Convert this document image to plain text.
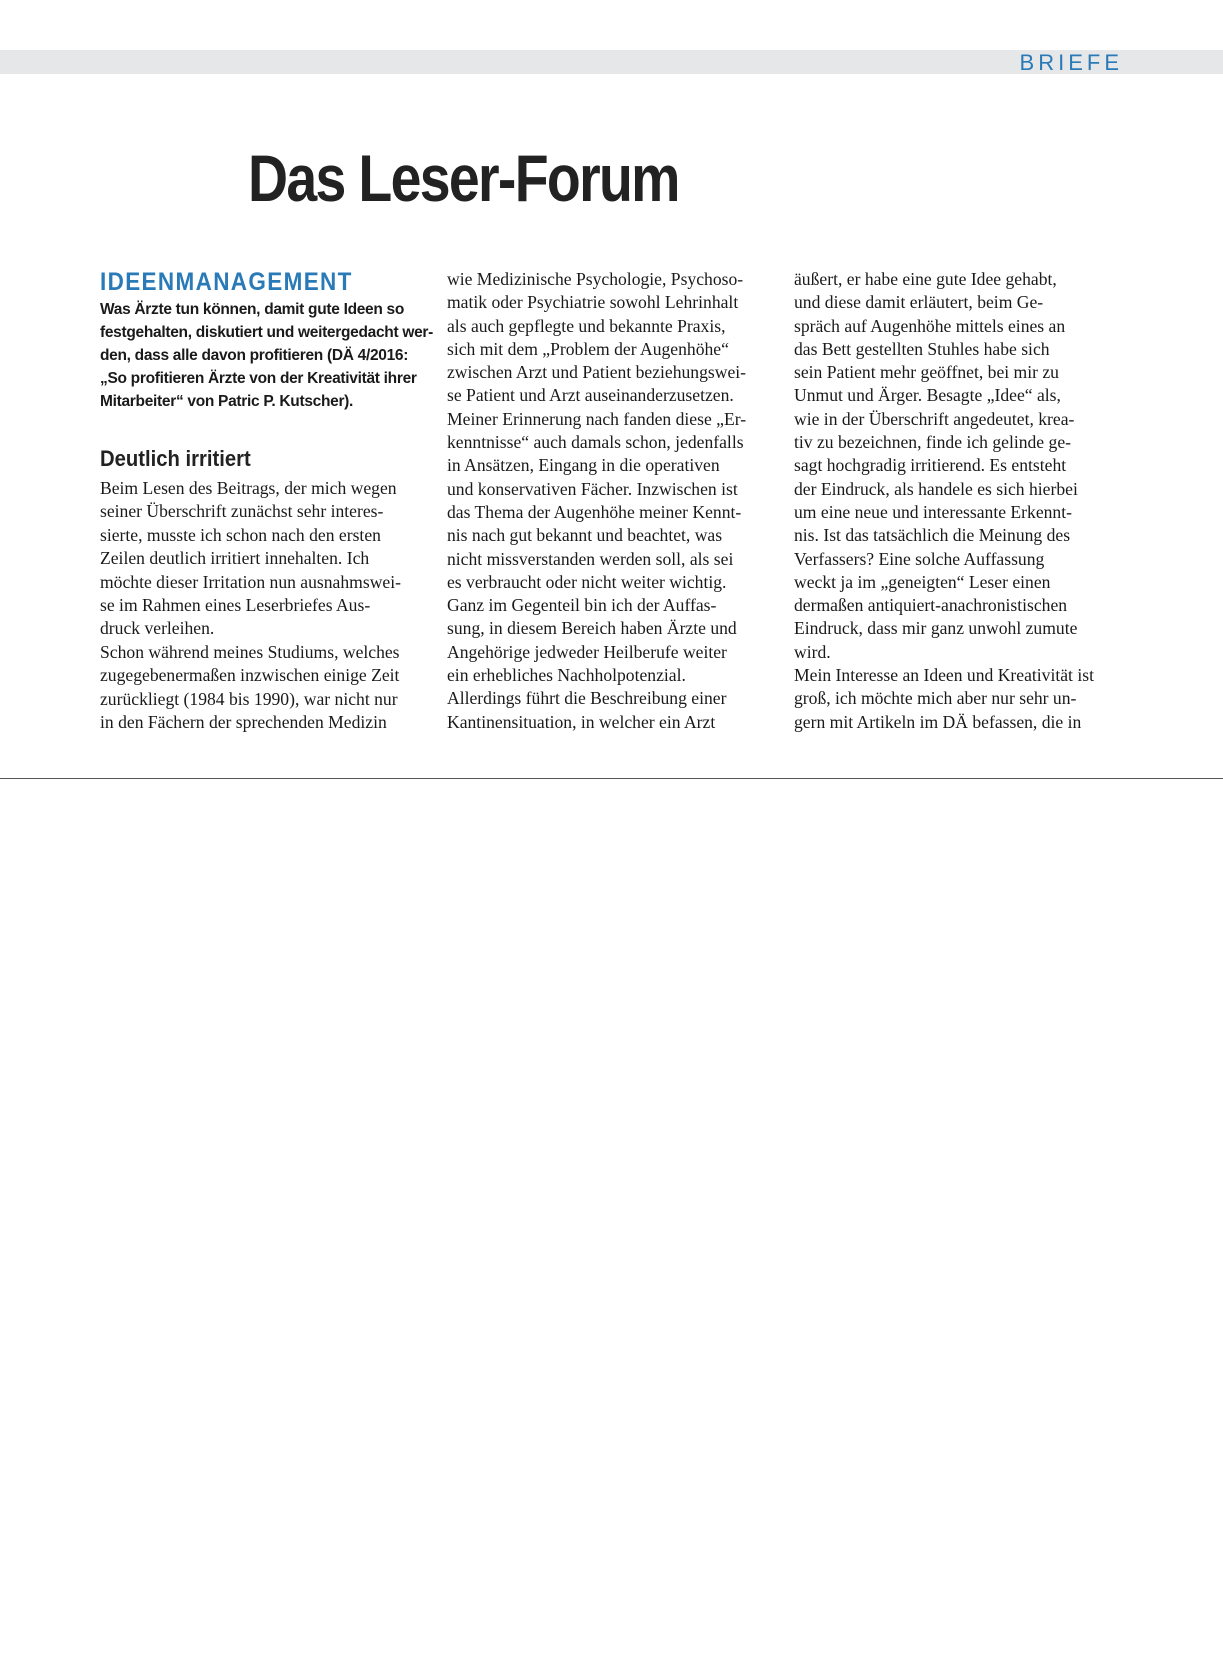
BRIEFE
Das Leser-Forum
IDEENMANAGEMENT

Was Ärzte tun können, damit gute Ideen so
festgehalten, diskutiert und weitergedacht wer-
den, dass alle davon profitieren (DÄ 4/2016:
„So profitieren Ärzte von der Kreativität ihrer
Mitarbeiter“ von Patric P. Kutscher).

Deutlich irritiert
Beim Lesen des Beitrags, der mich wegen
seiner Überschrift zunächst sehr interes-
sierte, musste ich schon nach den ersten
Zeilen deutlich irritiert innehalten. Ich
möchte dieser Irritation nun ausnahmswei-
se im Rahmen eines Leserbriefes Aus-
druck verleihen.
Schon während meines Studiums, welches
zugegebenermaßen inzwischen einige Zeit
zurückliegt (1984 bis 1990), war nicht nur
in den Fächern der sprechenden Medizin
wie Medizinische Psychologie, Psychoso-
matik oder Psychiatrie sowohl Lehrinhalt
als auch gepflegte und bekannte Praxis,
sich mit dem „Problem der Augenhöhe“
zwischen Arzt und Patient beziehungswei-
se Patient und Arzt auseinanderzusetzen.
Meiner Erinnerung nach fanden diese „Er-
kenntnisse“ auch damals schon, jedenfalls
in Ansätzen, Eingang in die operativen
und konservativen Fächer. Inzwischen ist
das Thema der Augenhöhe meiner Kennt-
nis nach gut bekannt und beachtet, was
nicht missverstanden werden soll, als sei
es verbraucht oder nicht weiter wichtig.
Ganz im Gegenteil bin ich der Auffas-
sung, in diesem Bereich haben Ärzte und
Angehörige jedweder Heilberufe weiter
ein erhebliches Nachholpotenzial.
Allerdings führt die Beschreibung einer
Kantinensituation, in welcher ein Arzt
äußert, er habe eine gute Idee gehabt,
und diese damit erläutert, beim Ge-
spräch auf Augenhöhe mittels eines an
das Bett gestellten Stuhles habe sich
sein Patient mehr geöffnet, bei mir zu
Unmut und Ärger. Besagte „Idee“ als,
wie in der Überschrift angedeutet, krea-
tiv zu bezeichnen, finde ich gelinde ge-
sagt hochgradig irritierend. Es entsteht
der Eindruck, als handele es sich hierbei
um eine neue und interessante Erkennt-
nis. Ist das tatsächlich die Meinung des
Verfassers? Eine solche Auffassung
weckt ja im „geneigten“ Leser einen
dermaßen antiquiert-anachronistischen
Eindruck, dass mir ganz unwohl zumute
wird.
Mein Interesse an Ideen und Kreativität ist
groß, ich möchte mich aber nur sehr un-
gern mit Artikeln im DÄ befassen, die in
